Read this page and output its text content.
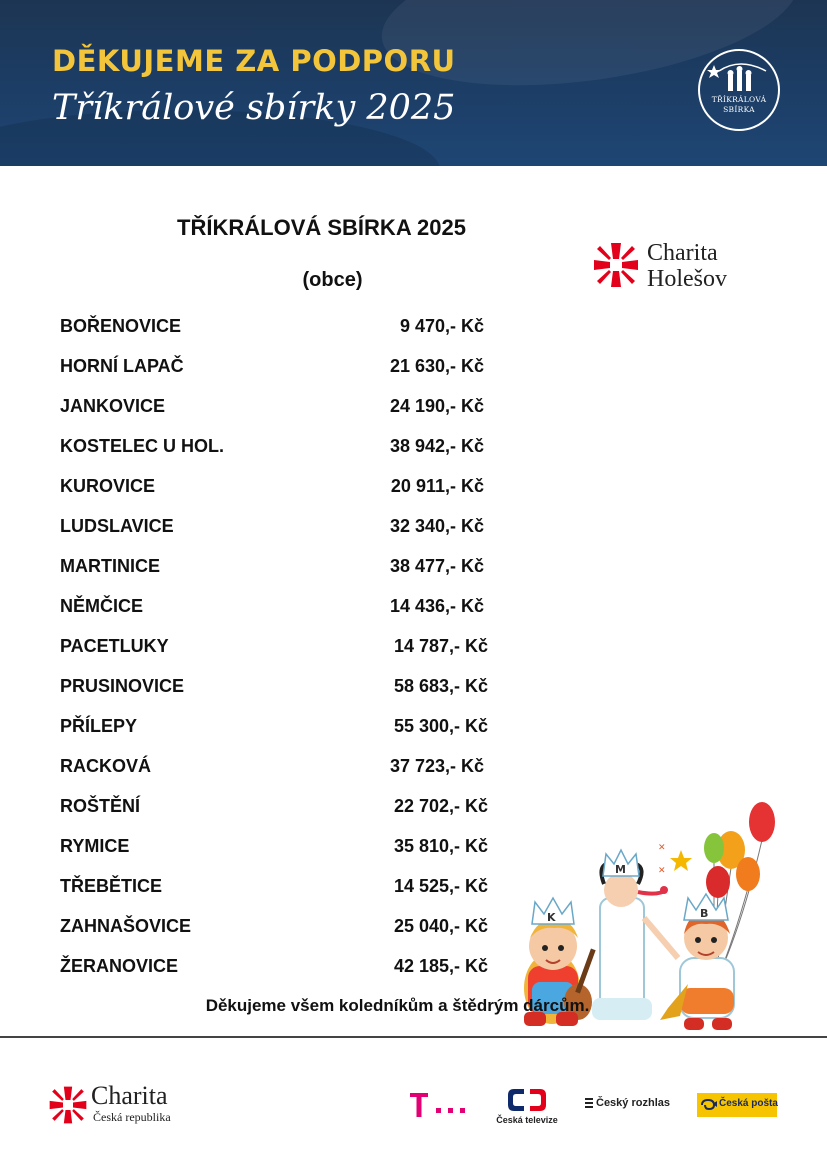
DĚKUJEME ZA PODPORU
Tříkrálové sbírky 2025	TŘÍKRÁLOVÁ
SBÍRKA
TŘÍKRÁLOVÁ SBÍRKA 2025
(obce)
Charita
Holešov
BOŘENOVICE	9 470,- Kč
HORNÍ LAPAČ	21 630,- Kč
JANKOVICE	24 190,- Kč
KOSTELEC U HOL.	38 942,- Kč
KUROVICE	20 911,- Kč
LUDSLAVICE	32 340,- Kč
MARTINICE	38 477,- Kč
NĚMČICE	14 436,- Kč
PACETLUKY	14 787,- Kč
PRUSINOVICE	58 683,- Kč
PŘÍLEPY	55 300,- Kč
RACKOVÁ	37 723,- Kč
ROŠTĚNÍ	22 702,- Kč
RYMICE	35 810,- Kč
TŘEBĚTICE	14 525,- Kč
ZAHNAŠOVICE	25 040,- Kč
ŽERANOVICE	42 185,- Kč
✕
✕
M
K	B
Děkujeme všem koledníkům a štědrým dárcům.
Charita
Česká republika	Česká televize
Český rozhlas	Česká pošta
